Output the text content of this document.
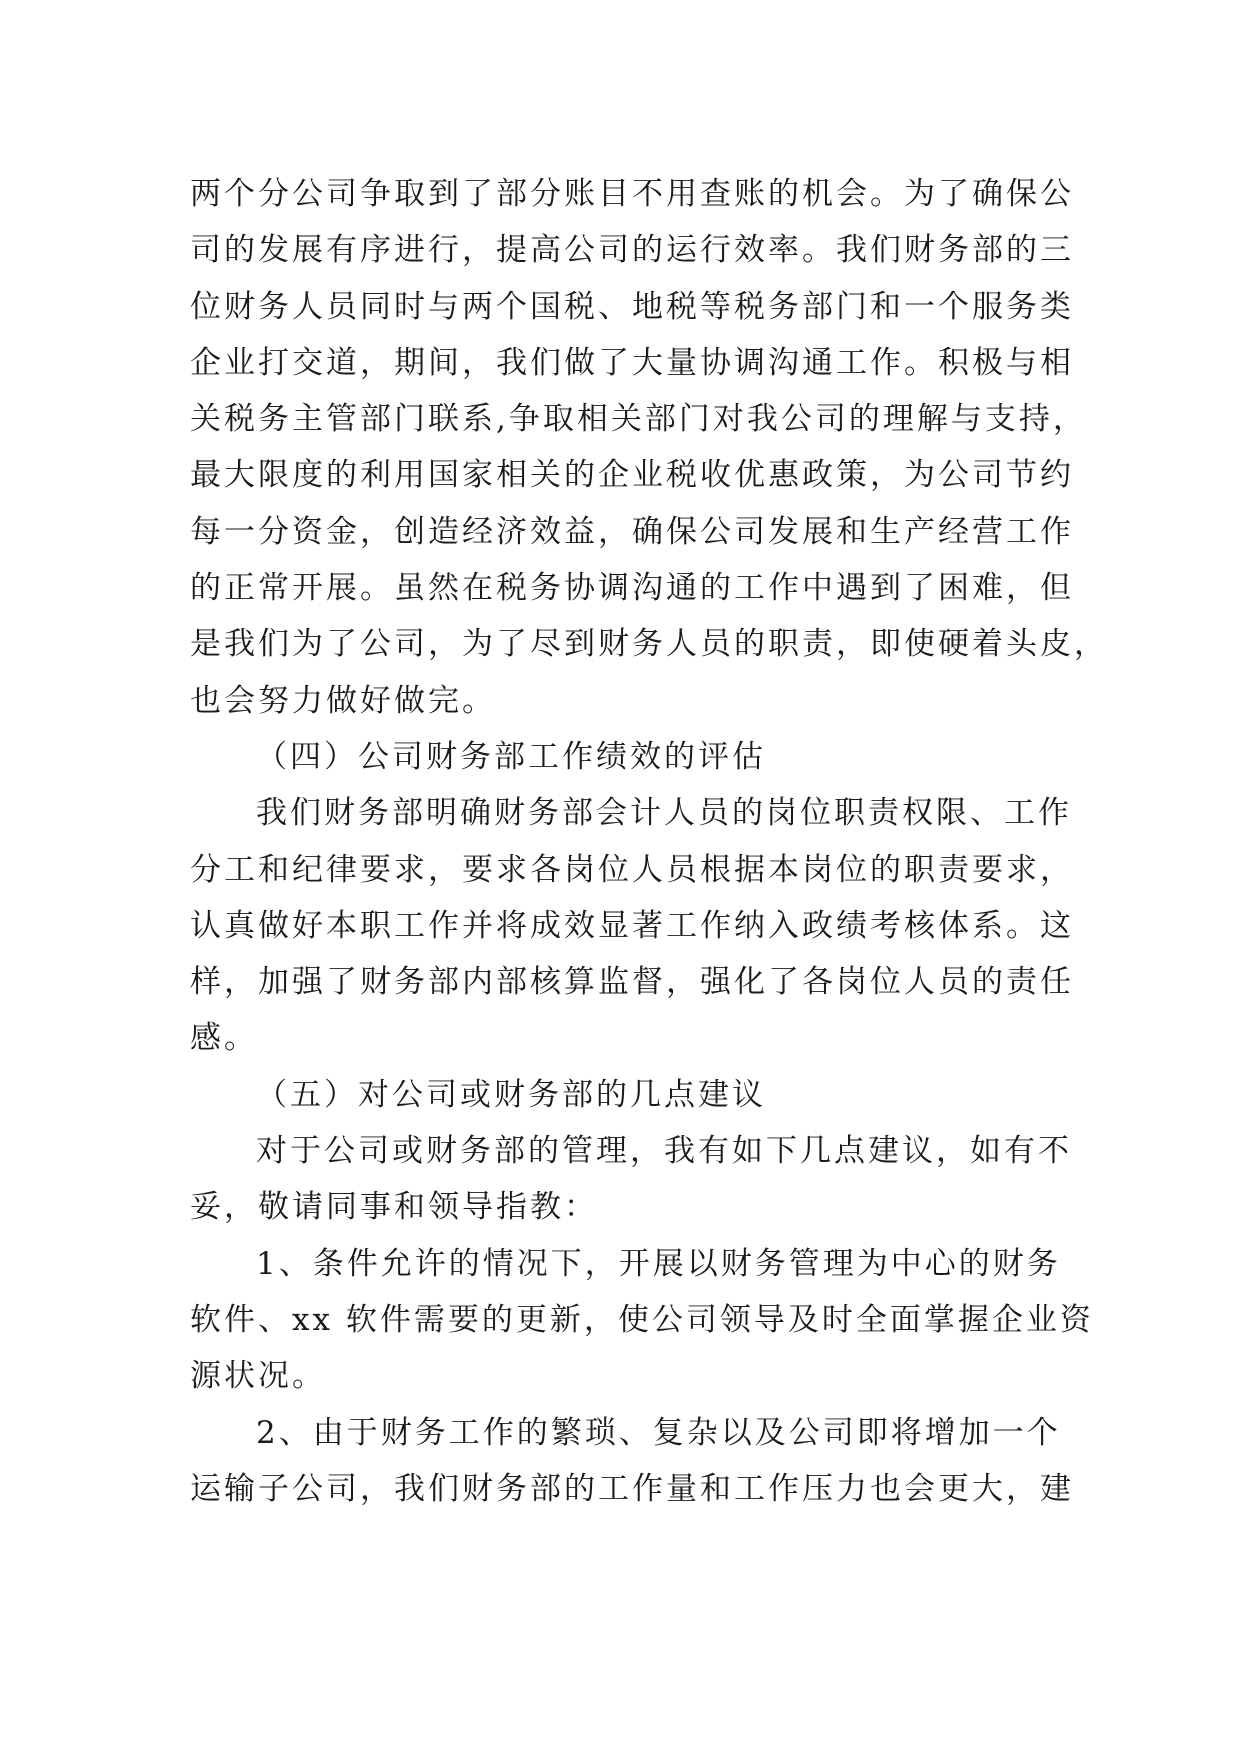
两个分公司争取到了部分账目不用查账的机会。为了确保公
司的发展有序进行，提高公司的运行效率。我们财务部的三
位财务人员同时与两个国税、地税等税务部门和一个服务类
企业打交道，期间，我们做了大量协调沟通工作。积极与相
关税务主管部门联系,争取相关部门对我公司的理解与支持，
最大限度的利用国家相关的企业税收优惠政策，为公司节约
每一分资金，创造经济效益，确保公司发展和生产经营工作
的正常开展。虽然在税务协调沟通的工作中遇到了困难，但
是我们为了公司，为了尽到财务人员的职责，即使硬着头皮，
也会努力做好做完。
（四）公司财务部工作绩效的评估
我们财务部明确财务部会计人员的岗位职责权限、工作
分工和纪律要求，要求各岗位人员根据本岗位的职责要求，
认真做好本职工作并将成效显著工作纳入政绩考核体系。这
样，加强了财务部内部核算监督，强化了各岗位人员的责任
感。
（五）对公司或财务部的几点建议
对于公司或财务部的管理，我有如下几点建议，如有不
妥，敬请同事和领导指教：
1、条件允许的情况下，开展以财务管理为中心的财务
软件、xx 软件需要的更新，使公司领导及时全面掌握企业资
源状况。
2、由于财务工作的繁琐、复杂以及公司即将增加一个
运输子公司，我们财务部的工作量和工作压力也会更大，建
